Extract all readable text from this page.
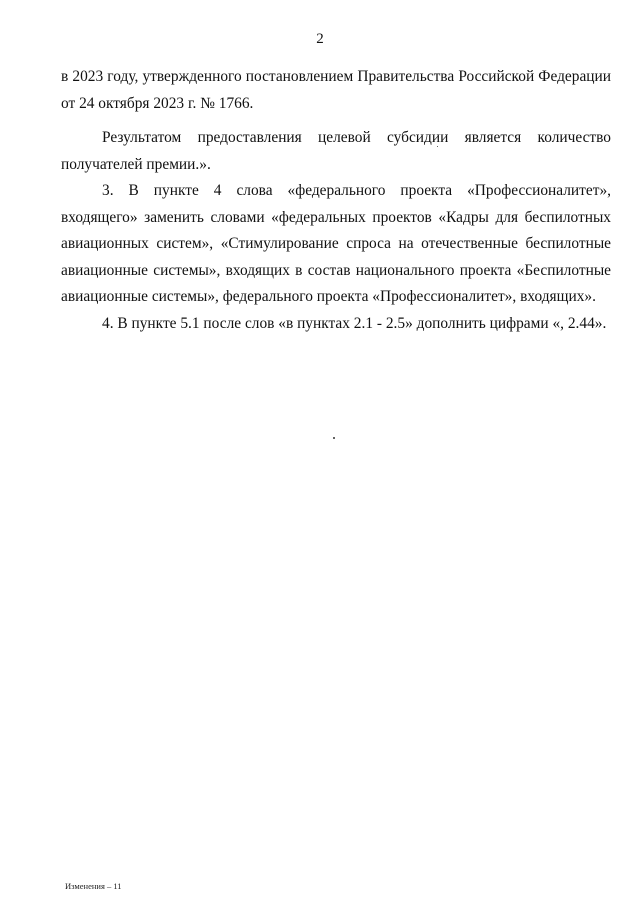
2

в 2023 году, утвержденного постановлением Правительства Российской Федерации от 24 октября 2023 г. № 1766.

Результатом предоставления целевой субсидии является количество получателей премии.».

3. В пункте 4 слова «федерального проекта «Профессионалитет», входящего» заменить словами «федеральных проектов «Кадры для беспилотных авиационных систем», «Стимулирование спроса на отечественные беспилотные авиационные системы», входящих в состав национального проекта «Беспилотные авиационные системы», федерального проекта «Профессионалитет», входящих».

4. В пункте 5.1 после слов «в пунктах 2.1 - 2.5» дополнить цифрами «, 2.44».

Изменения – 11
